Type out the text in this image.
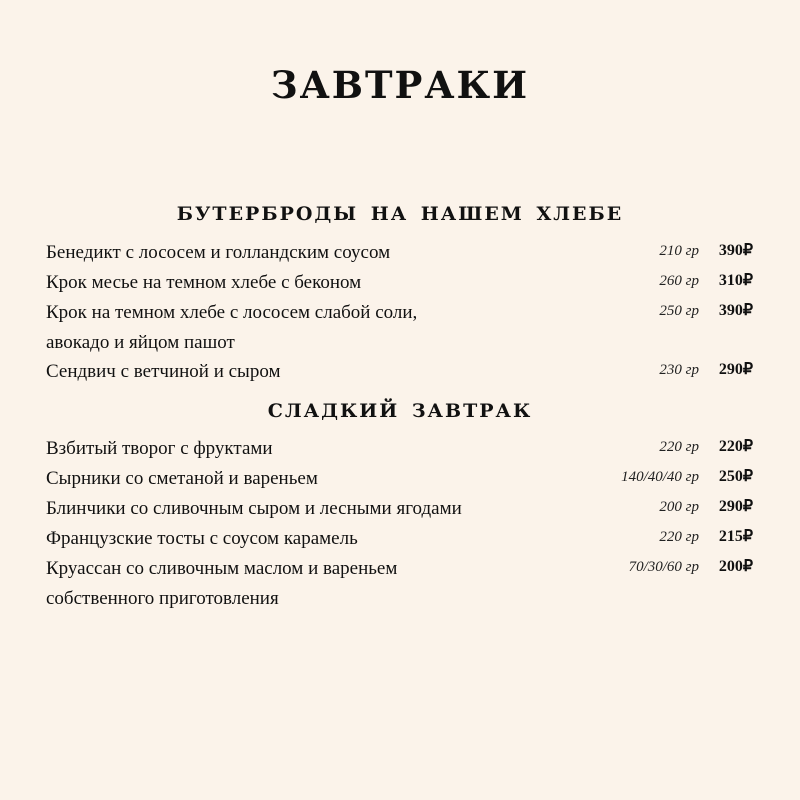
ЗАВТРАКИ
БУТЕРБРОДЫ НА НАШЕМ ХЛЕБЕ
Бенедикт с лососем и голландским соусом	210 гр	390₽
Крок месье на темном хлебе с беконом	260 гр	310₽
Крок на темном хлебе с лососем слабой соли,
авокадо и яйцом пашот
250 гр	390₽
Сендвич с ветчиной и сыром	230 гр	290₽
СЛАДКИЙ ЗАВТРАК
Взбитый творог с фруктами	220 гр	220₽
Сырники со сметаной и вареньем	140/40/40 гр	250₽
Блинчики со сливочным сыром и лесными ягодами	200 гр	290₽
Французские тосты с соусом карамель	220 гр	215₽
Круассан со сливочным маслом и вареньем
собственного приготовления
70/30/60 гр	200₽
